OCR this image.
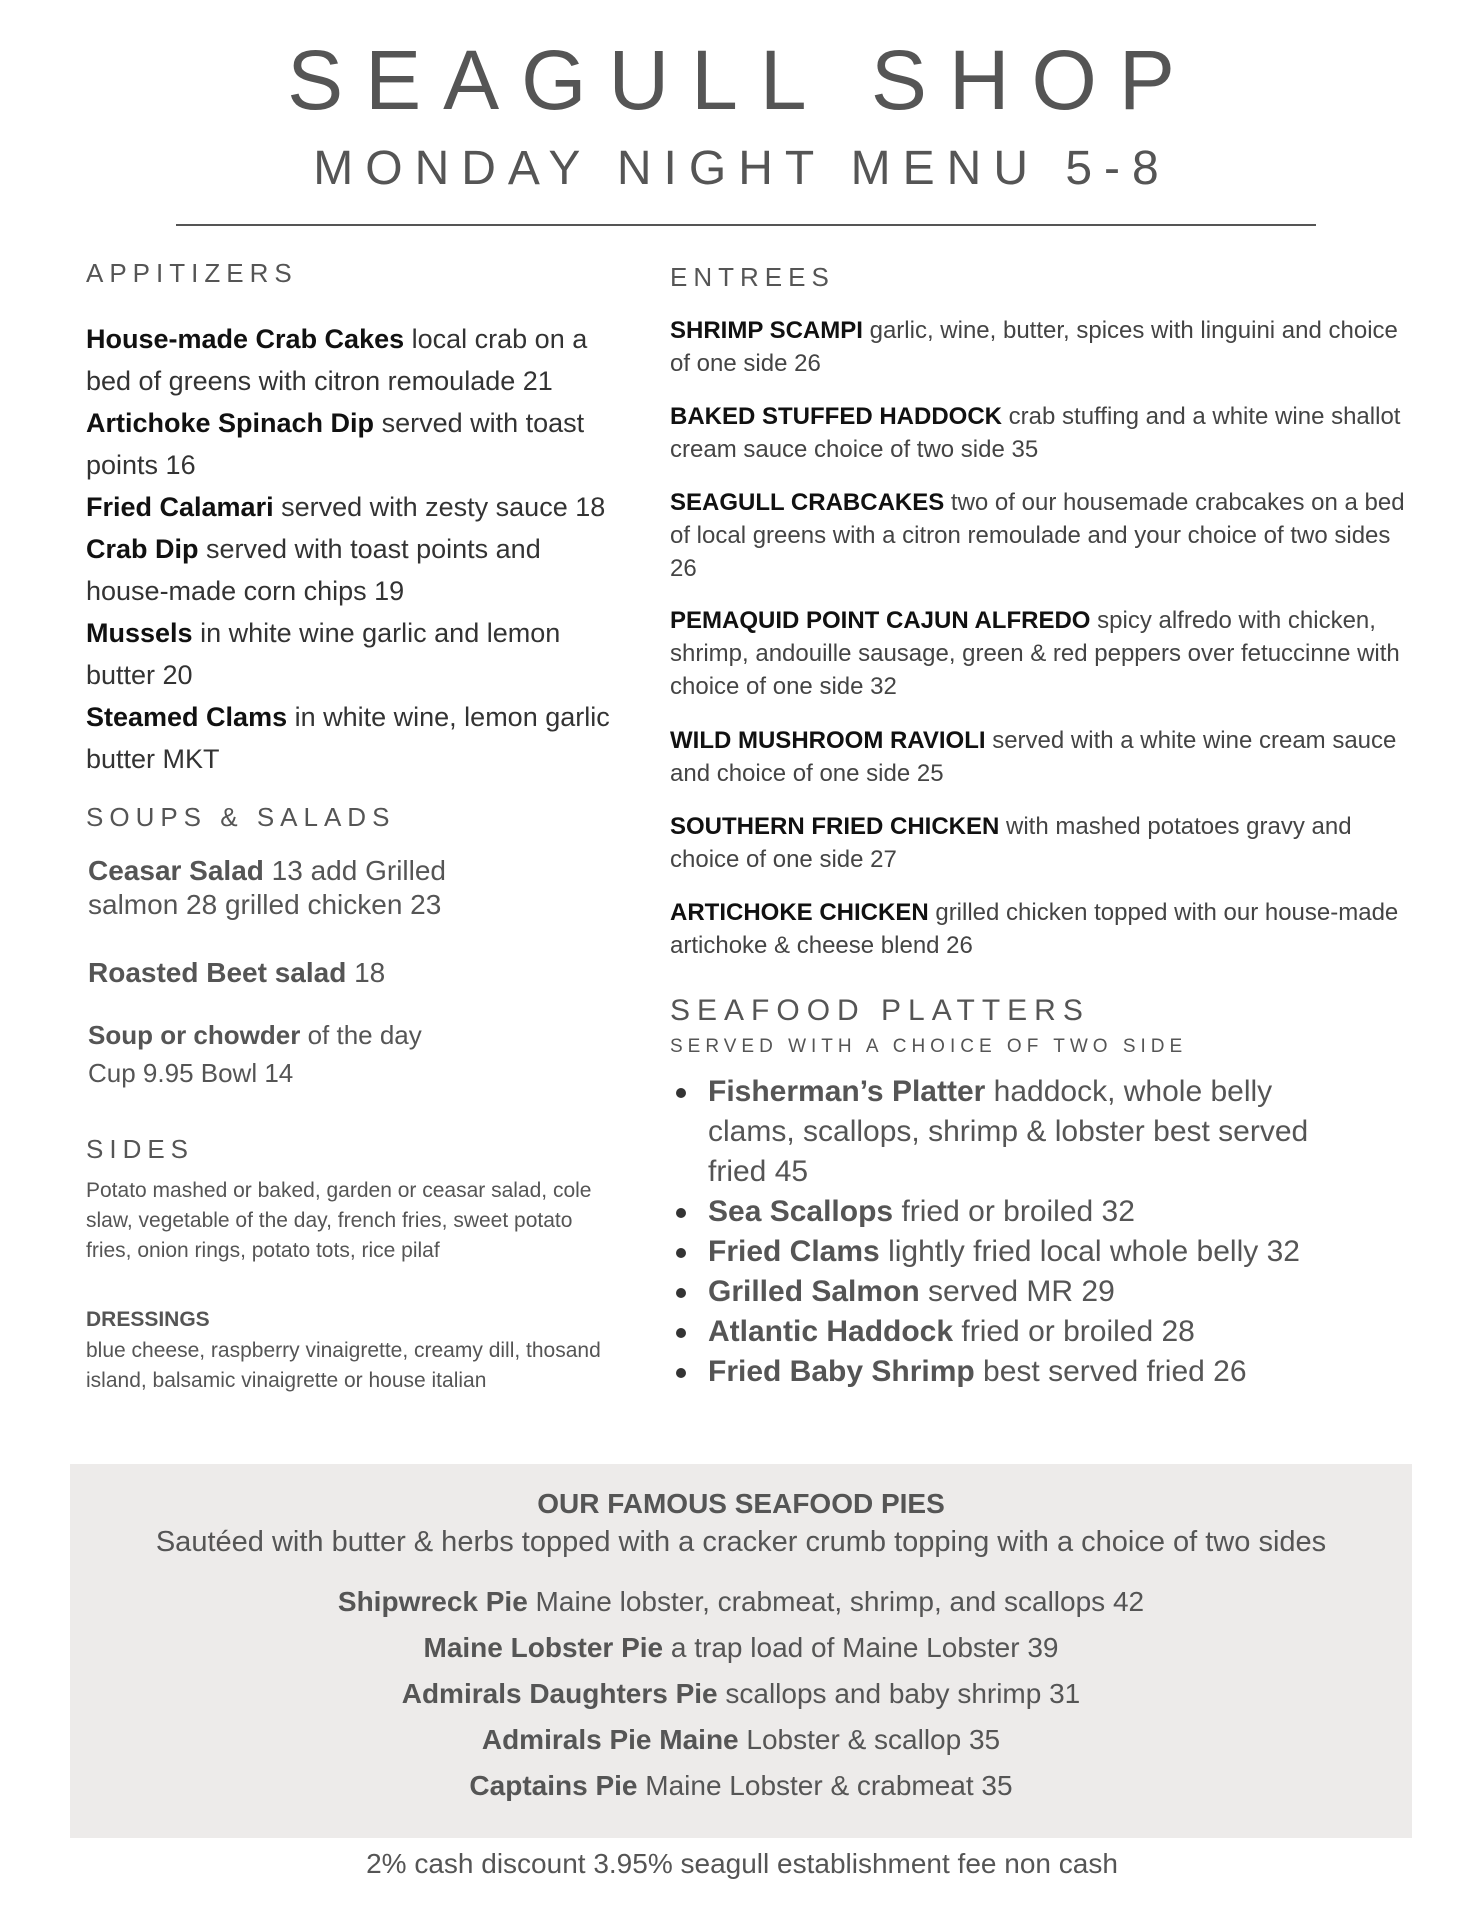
SEAGULL SHOP
MONDAY NIGHT MENU 5-8
APPITIZERS
House-made Crab Cakes local crab on a bed of greens with citron remoulade 21
Artichoke Spinach Dip served with toast points 16
Fried Calamari served with zesty sauce 18
Crab Dip served with toast points and house-made corn chips 19
Mussels in white wine garlic and lemon butter 20
Steamed Clams in white wine, lemon garlic butter MKT
SOUPS & SALADS
Ceasar Salad 13 add Grilled salmon 28 grilled chicken 23
Roasted Beet salad 18
Soup or chowder of the day
Cup 9.95 Bowl 14
SIDES
Potato mashed or baked, garden or ceasar salad, cole slaw, vegetable of the day, french fries, sweet potato fries, onion rings, potato tots, rice pilaf
DRESSINGS
blue cheese, raspberry vinaigrette, creamy dill, thosand island, balsamic vinaigrette or house italian
ENTREES
SHRIMP SCAMPI garlic, wine, butter, spices with linguini and choice of one side 26
BAKED STUFFED HADDOCK crab stuffing and a white wine shallot cream sauce choice of two side 35
SEAGULL CRABCAKES two of our housemade crabcakes on a bed of local greens with a citron remoulade and your choice of two sides 26
PEMAQUID POINT CAJUN ALFREDO spicy alfredo with chicken, shrimp, andouille sausage, green & red peppers over fetuccinne with choice of one side 32
WILD MUSHROOM RAVIOLI served with a white wine cream sauce and choice of one side 25
SOUTHERN FRIED CHICKEN with mashed potatoes gravy and choice of one side 27
ARTICHOKE CHICKEN grilled chicken topped with our house-made artichoke & cheese blend 26
SEAFOOD PLATTERS
SERVED WITH A CHOICE OF TWO SIDE
Fisherman’s Platter haddock, whole belly clams, scallops, shrimp & lobster best served fried 45
Sea Scallops fried or broiled 32
Fried Clams lightly fried local whole belly 32
Grilled Salmon served MR 29
Atlantic Haddock fried or broiled 28
Fried Baby Shrimp best served fried 26
OUR FAMOUS SEAFOOD PIES
Sautéed with butter & herbs topped with a cracker crumb topping with a choice of two sides
Shipwreck Pie Maine lobster, crabmeat, shrimp, and scallops 42
Maine Lobster Pie a trap load of Maine Lobster 39
Admirals Daughters Pie scallops and baby shrimp 31
Admirals Pie Maine Lobster & scallop 35
Captains Pie Maine Lobster & crabmeat 35
2% cash discount 3.95% seagull establishment fee non cash
